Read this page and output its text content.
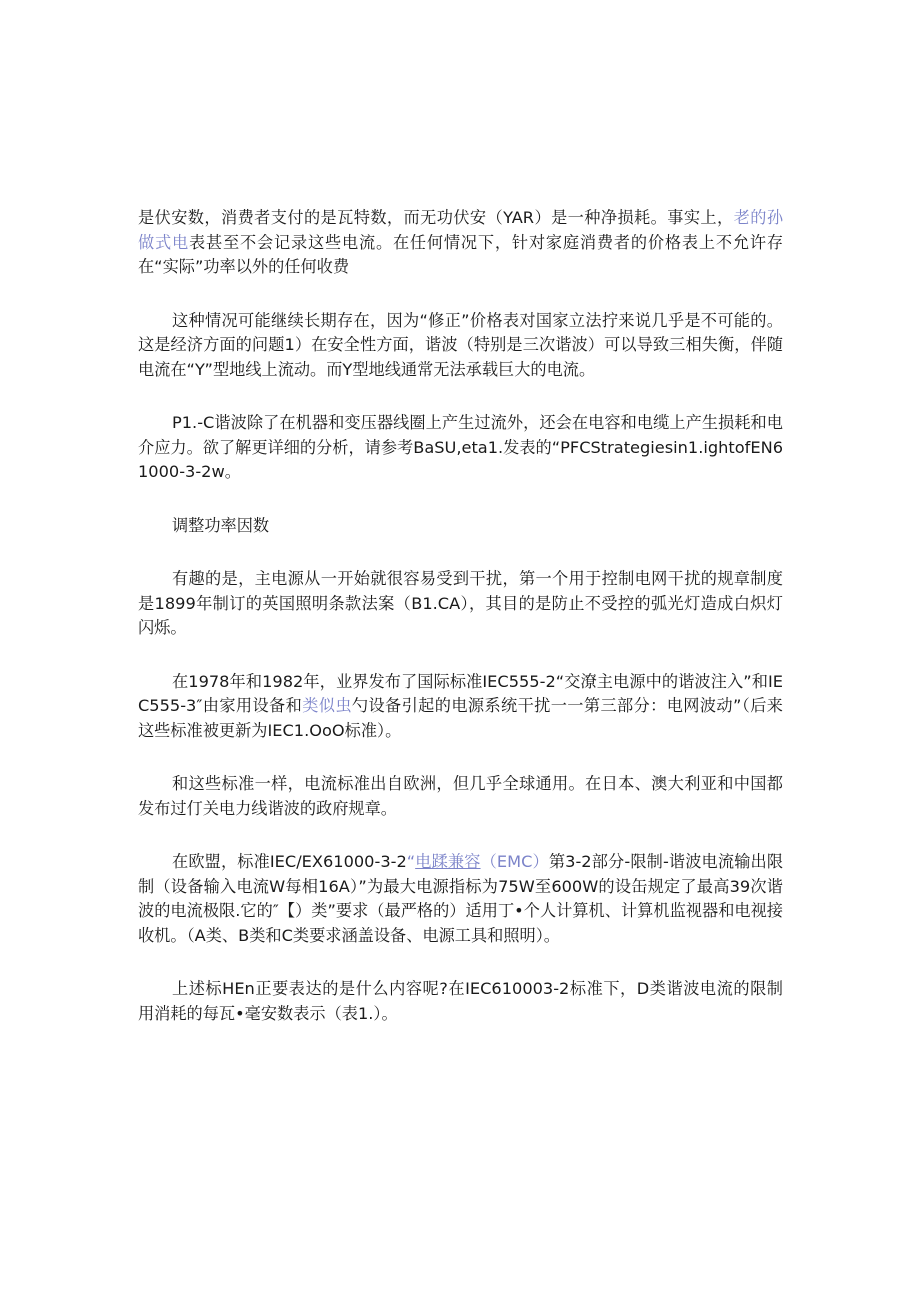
是伏安数，消费者支付的是瓦特数，而无功伏安（YAR）是一种净损耗。事实上，老的孙做式电表甚至不会记录这些电流。在任何情况下，针对家庭消费者的价格表上不允许存在“实际”功率以外的任何收费

这种情况可能继续长期存在，因为“修正”价格表对国家立法拧来说几乎是不可能的。这是经济方面的问题1）在安全性方面，谐波（特别是三次谐波）可以导致三相失衡，伴随电流在“Y”型地线上流动。而Y型地线通常无法承载巨大的电流。

P1.-C谐波除了在机器和变压器线圈上产生过流外，还会在电容和电缆上产生损耗和电介应力。欲了解更详细的分析，请参考BaSU,eta1.发表的“PFCStrategiesin1.ightofEN61000-3-2w。

调整功率因数

有趣的是，主电源从一开始就很容易受到干扰，第一个用于控制电网干扰的规章制度是1899年制订的英国照明条款法案（B1.CA），其目的是防止不受控的弧光灯造成白炽灯闪烁。

在1978年和1982年，业界发布了国际标准IEC555-2“交潦主电源中的谐波注入”和IEC555-3″由家用设备和类似虫勺设备引起的电源系统干扰一一第三部分：电网波动”（后来这些标准被更新为IEC1.OoO标准）。

和这些标准一样，电流标准出自欧洲，但几乎全球通用。在日本、澳大利亚和中国都发布过仃关电力线谐波的政府规章。

在欧盟，标准IEC/EX61000-3-2“电蹂兼容（EMC）第3-2部分-限制-谐波电流输出限制（设备输入电流W每相16A）”为最大电源指标为75W至600W的设缶规定了最高39次谐波的电流极限.它的″【）类”要求（最严格的）适用丁•个人计算机、计算机监视器和电视接收机。（A类、B类和C类要求涵盖设备、电源工具和照明）。

上述标HEn正要表达的是什么内容呢?在IEC610003-2标准下，D类谐波电流的限制用消耗的每瓦•毫安数表示（表1.）。
